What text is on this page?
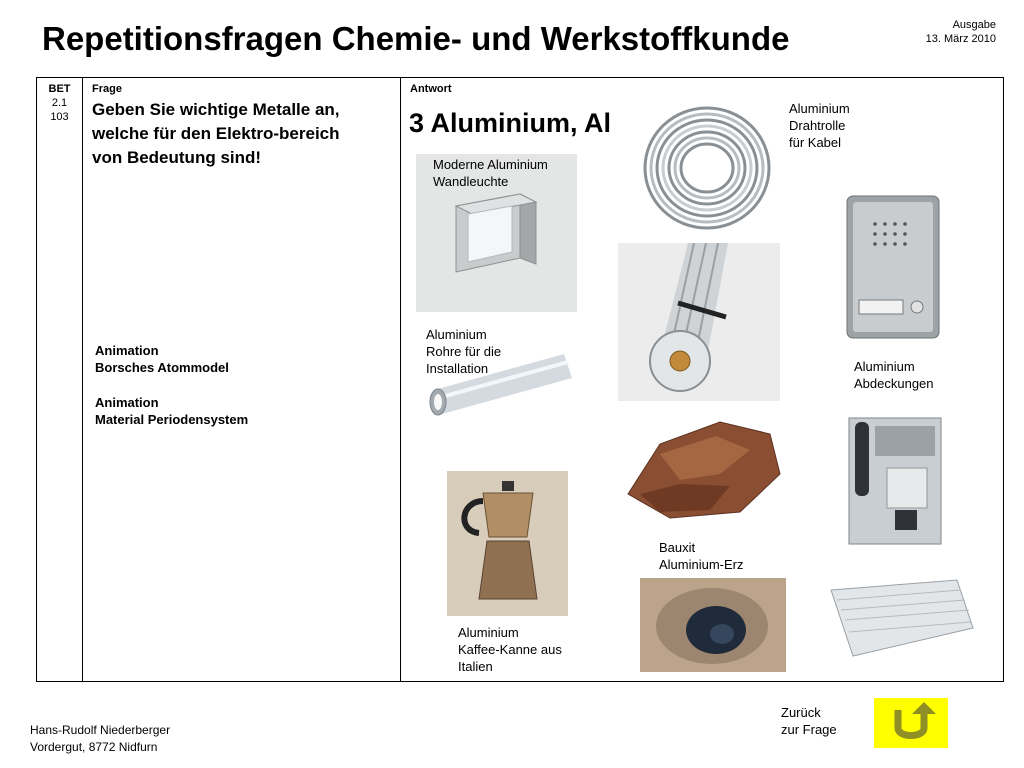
Repetitionsfragen Chemie- und Werkstoffkunde	Ausgabe
13. März 2010
BET
2.1
103
Frage
Geben Sie wichtige Metalle an, welche für den Elektro-bereich von Bedeutung sind!
Animation
Borsches Atommodel
Animation
Material Periodensystem
Antwort
3 Aluminium, Al
Moderne Aluminium
Wandleuchte
Aluminium
Drahtrolle
für Kabel
Aluminium
Abdeckungen
Aluminium
Rohre für die
Installation
Bauxit
Aluminium-Erz
Aluminium
Kaffee-Kanne aus
Italien
Hans-Rudolf Niederberger
Vordergut, 8772 Nidfurn
Zurück
zur Frage
